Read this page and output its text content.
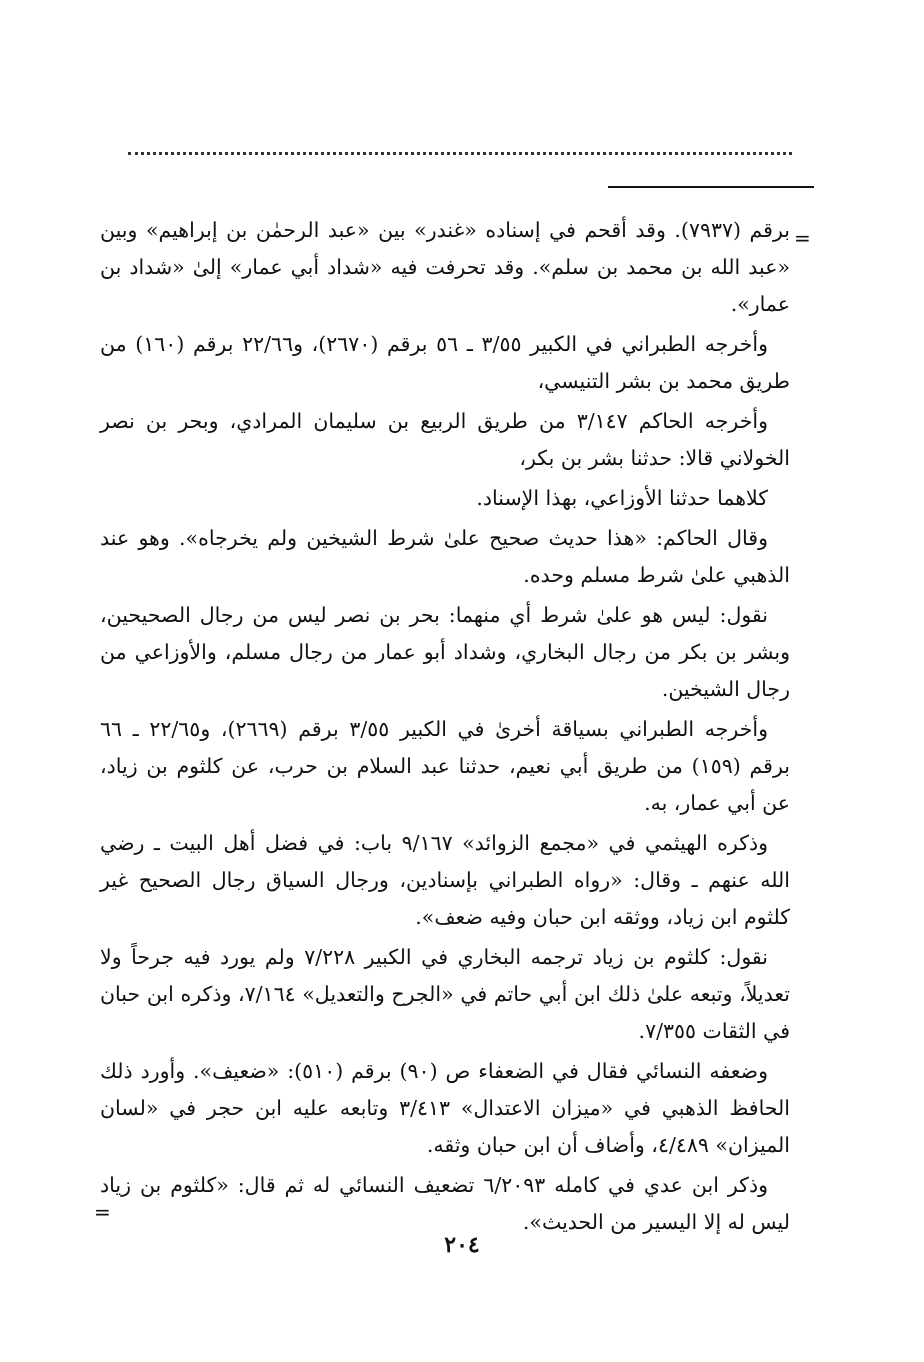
=

برقم (٧٩٣٧). وقد أقحم في إسناده «غندر» بين «عبد الرحمٰن بن إبراهيم» وبين «عبد الله بن محمد بن سلم». وقد تحرفت فيه «شداد أبي عمار» إلىٰ «شداد بن عمار».

وأخرجه الطبراني في الكبير ٣/٥٥ ـ ٥٦ برقم (٢٦٧٠)، و٢٢/٦٦ برقم (١٦٠) من طريق محمد بن بشر التنيسي،

وأخرجه الحاكم ٣/١٤٧ من طريق الربيع بن سليمان المرادي، وبحر بن نصر الخولاني قالا: حدثنا بشر بن بكر،

كلاهما حدثنا الأوزاعي، بهذا الإسناد.

وقال الحاكم: «هذا حديث صحيح علىٰ شرط الشيخين ولم يخرجاه». وهو عند الذهبي علىٰ شرط مسلم وحده.

نقول: ليس هو علىٰ شرط أي منهما: بحر بن نصر ليس من رجال الصحيحين، وبشر بن بكر من رجال البخاري، وشداد أبو عمار من رجال مسلم، والأوزاعي من رجال الشيخين.

وأخرجه الطبراني بسياقة أخرىٰ في الكبير ٣/٥٥ برقم (٢٦٦٩)، و٢٢/٦٥ ـ ٦٦ برقم (١٥٩) من طريق أبي نعيم، حدثنا عبد السلام بن حرب، عن كلثوم بن زياد، عن أبي عمار، به.

وذكره الهيثمي في «مجمع الزوائد» ٩/١٦٧ باب: في فضل أهل البيت ـ رضي الله عنهم ـ وقال: «رواه الطبراني بإسنادين، ورجال السياق رجال الصحيح غير كلثوم ابن زياد، ووثقه ابن حبان وفيه ضعف».

نقول: كلثوم بن زياد ترجمه البخاري في الكبير ٧/٢٢٨ ولم يورد فيه جرحاً ولا تعديلاً، وتبعه علىٰ ذلك ابن أبي حاتم في «الجرح والتعديل» ٧/١٦٤، وذكره ابن حبان في الثقات ٧/٣٥٥.

وضعفه النسائي فقال في الضعفاء ص (٩٠) برقم (٥١٠): «ضعيف». وأورد ذلك الحافظ الذهبي في «ميزان الاعتدال» ٣/٤١٣ وتابعه عليه ابن حجر في «لسان الميزان» ٤/٤٨٩، وأضاف أن ابن حبان وثقه.

وذكر ابن عدي في كامله ٦/٢٠٩٣ تضعيف النسائي له ثم قال: «كلثوم بن زياد ليس له إلا اليسير من الحديث».

=
٢٠٤
